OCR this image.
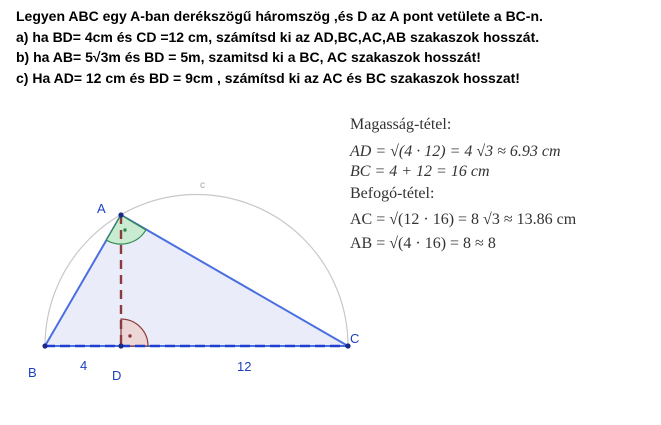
Legyen ABC egy A-ban derékszögű háromszög ,és D az A pont vetülete a BC-n.
a) ha BD= 4cm és CD =12 cm, számítsd ki az AD,BC,AC,AB szakaszok hosszát.
b) ha AB= 5√3m és BD = 5m, szamitsd ki a BC, AC szakaszok hosszát!
c) Ha AD= 12 cm és BD = 9cm , számítsd ki az AC és BC szakaszok hosszat!
c
A
B
C
D
4	12
Magasság-tétel:
AD = √(4 · 12) = 4 √3 ≈ 6.93 cm
BC = 4 + 12 = 16 cm
Befogó-tétel:
AC = √(12 · 16) = 8 √3 ≈ 13.86 cm
AB = √(4 · 16) = 8 ≈ 8
